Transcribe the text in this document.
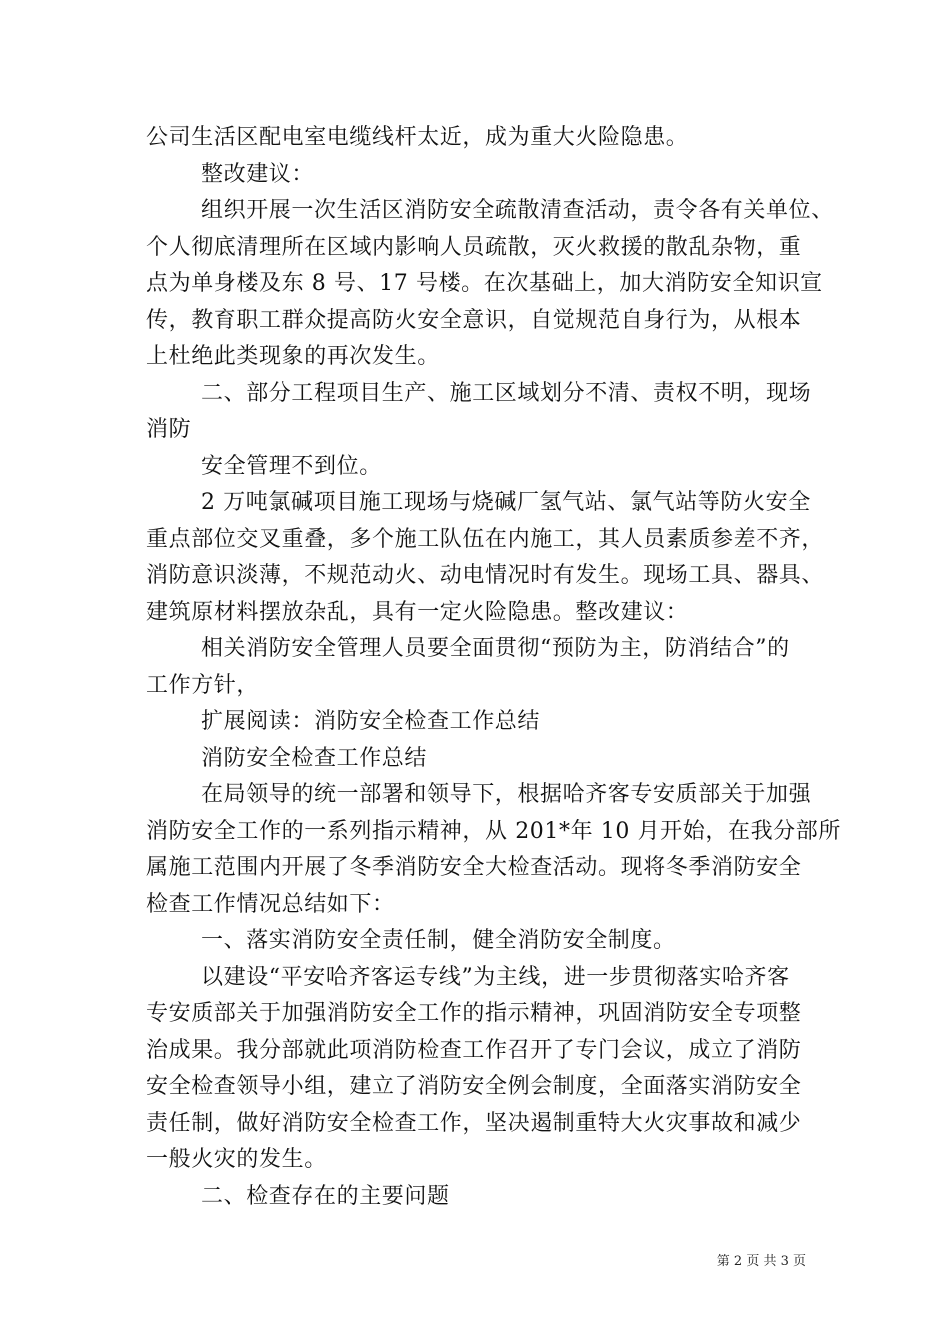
公司生活区配电室电缆线杆太近，成为重大火险隐患。
整改建议：
组织开展一次生活区消防安全疏散清查活动，责令各有关单位、
个人彻底清理所在区域内影响人员疏散，灭火救援的散乱杂物，重
点为单身楼及东 8 号、17 号楼。在次基础上，加大消防安全知识宣
传，教育职工群众提高防火安全意识，自觉规范自身行为，从根本
上杜绝此类现象的再次发生。
二、部分工程项目生产、施工区域划分不清、责权不明，现场
消防
安全管理不到位。
2 万吨氯碱项目施工现场与烧碱厂氢气站、氯气站等防火安全
重点部位交叉重叠，多个施工队伍在内施工，其人员素质参差不齐，
消防意识淡薄，不规范动火、动电情况时有发生。现场工具、器具、
建筑原材料摆放杂乱，具有一定火险隐患。整改建议：
相关消防安全管理人员要全面贯彻“预防为主，防消结合”的
工作方针，
扩展阅读：消防安全检查工作总结
消防安全检查工作总结
在局领导的统一部署和领导下，根据哈齐客专安质部关于加强
消防安全工作的一系列指示精神，从 201*年 10 月开始，在我分部所
属施工范围内开展了冬季消防安全大检查活动。现将冬季消防安全
检查工作情况总结如下：
一、落实消防安全责任制，健全消防安全制度。
以建设“平安哈齐客运专线”为主线，进一步贯彻落实哈齐客
专安质部关于加强消防安全工作的指示精神，巩固消防安全专项整
治成果。我分部就此项消防检查工作召开了专门会议，成立了消防
安全检查领导小组，建立了消防安全例会制度，全面落实消防安全
责任制，做好消防安全检查工作，坚决遏制重特大火灾事故和减少
一般火灾的发生。
二、检查存在的主要问题
第 2 页 共 3 页
